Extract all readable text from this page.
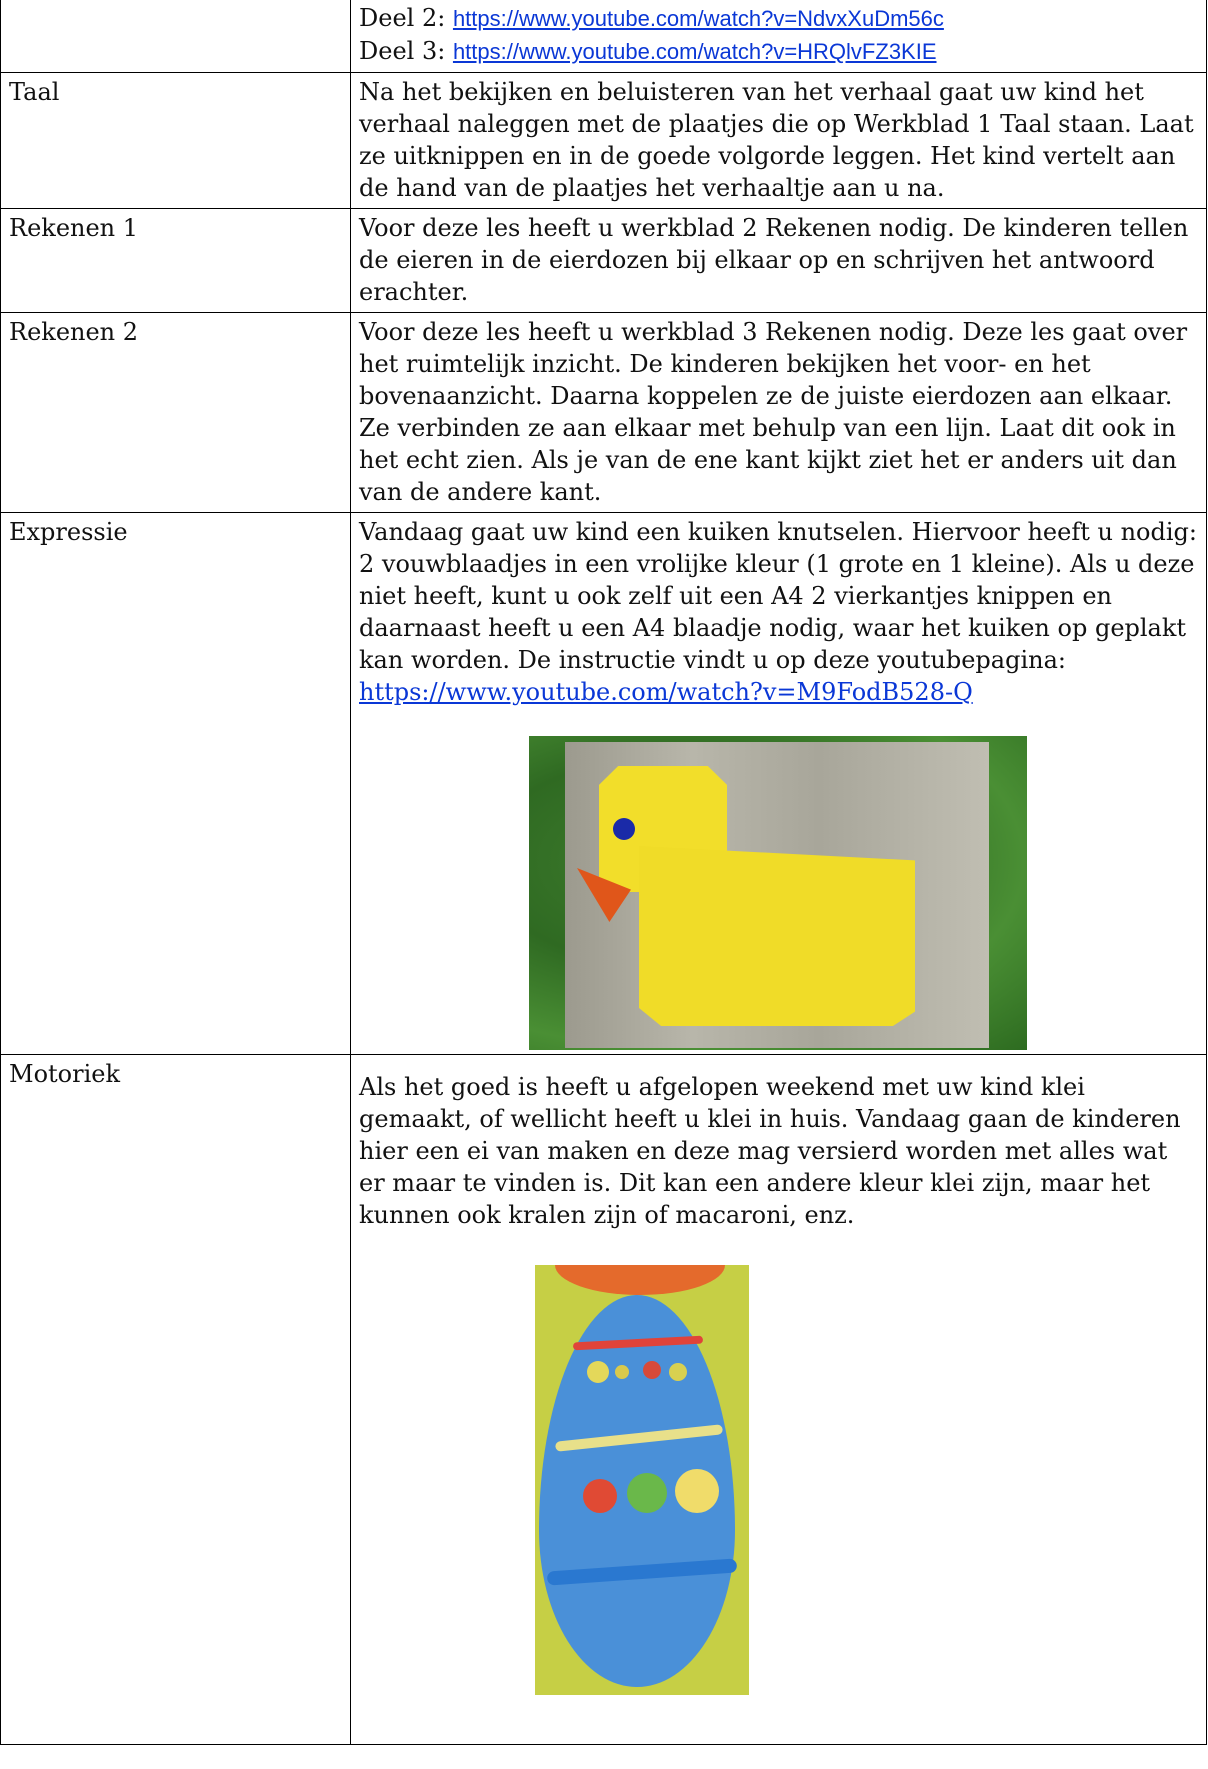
	Deel 2: https://www.youtube.com/watch?v=NdvxXuDm56c
Deel 3: https://www.youtube.com/watch?v=HRQlvFZ3KIE

Taal	Na het bekijken en beluisteren van het verhaal gaat uw kind het verhaal naleggen met de plaatjes die op Werkblad 1 Taal staan. Laat ze uitknippen en in de goede volgorde leggen. Het kind vertelt aan de hand van de plaatjes het verhaaltje aan u na.
Rekenen 1	Voor deze les heeft u werkblad 2 Rekenen nodig. De kinderen tellen de eieren in de eierdozen bij elkaar op en schrijven het antwoord erachter.
Rekenen 2	Voor deze les heeft u werkblad 3 Rekenen nodig. Deze les gaat over het ruimtelijk inzicht. De kinderen bekijken het voor- en het bovenaanzicht. Daarna koppelen ze de juiste eierdozen aan elkaar. Ze verbinden ze aan elkaar met behulp van een lijn. Laat dit ook in het echt zien. Als je van de ene kant kijkt ziet het er anders uit dan van de andere kant.
Expressie	Vandaag gaat uw kind een kuiken knutselen. Hiervoor heeft u nodig: 2 vouwblaadjes in een vrolijke kleur (1 grote en 1 kleine). Als u deze niet heeft, kunt u ook zelf uit een A4 2 vierkantjes knippen en daarnaast heeft u een A4 blaadje nodig, waar het kuiken op geplakt kan worden. De instructie vindt u op deze youtubepagina:
https://www.youtube.com/watch?v=M9FodB528-Q

Motoriek	Als het goed is heeft u afgelopen weekend met uw kind klei gemaakt, of wellicht heeft u klei in huis. Vandaag gaan de kinderen hier een ei van maken en deze mag versierd worden met alles wat er maar te vinden is. Dit kan een andere kleur klei zijn, maar het kunnen ook kralen zijn of macaroni, enz.
